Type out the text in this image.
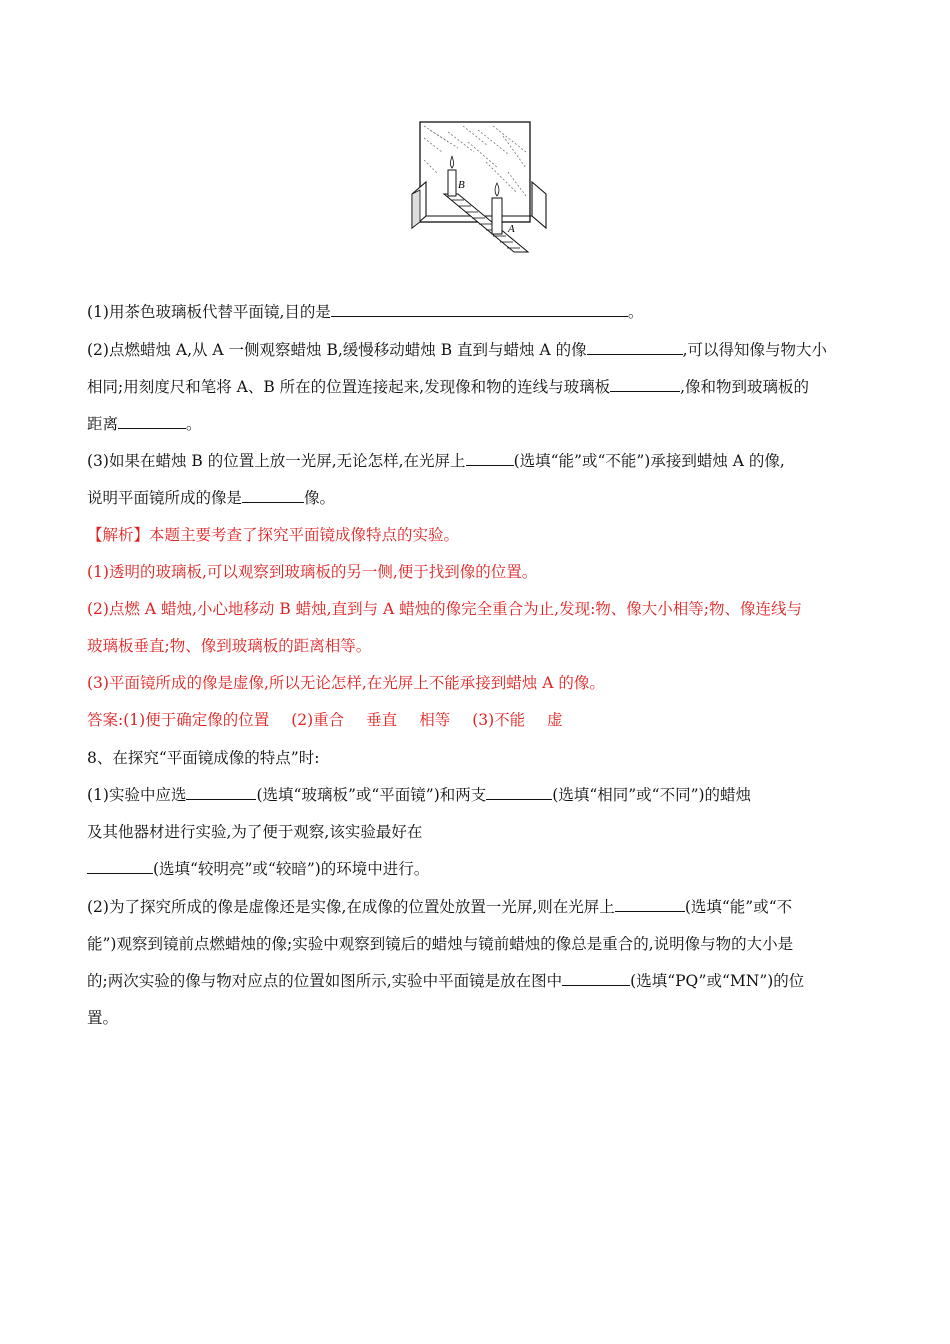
B
A
(1)用茶色玻璃板代替平面镜,目的是	。
(2)点燃蜡烛 A,从 A 一侧观察蜡烛 B,缓慢移动蜡烛 B 直到与蜡烛 A 的像	,可以得知像与物大小
相同;用刻度尺和笔将 A、B 所在的位置连接起来,发现像和物的连线与玻璃板	,像和物到玻璃板的
距离	。
(3)如果在蜡烛 B 的位置上放一光屏,无论怎样,在光屏上	(选填“能”或“不能”)承接到蜡烛 A 的像,
说明平面镜所成的像是	像。
【解析】本题主要考查了探究平面镜成像特点的实验。
(1)透明的玻璃板,可以观察到玻璃板的另一侧,便于找到像的位置。
(2)点燃 A 蜡烛,小心地移动 B 蜡烛,直到与 A 蜡烛的像完全重合为止,发现:物、像大小相等;物、像连线与
玻璃板垂直;物、像到玻璃板的距离相等。
(3)平面镜所成的像是虚像,所以无论怎样,在光屏上不能承接到蜡烛 A 的像。
答案:(1)便于确定像的位置 (2)重合 垂直 相等 (3)不能 虚
8、在探究“平面镜成像的特点”时:
(1)实验中应选	(选填“玻璃板”或“平面镜”)和两支	(选填“相同”或“不同”)的蜡烛
及其他器材进行实验,为了便于观察,该实验最好在
(选填“较明亮”或“较暗”)的环境中进行。
(2)为了探究所成的像是虚像还是实像,在成像的位置处放置一光屏,则在光屏上	(选填“能”或“不
能”)观察到镜前点燃蜡烛的像;实验中观察到镜后的蜡烛与镜前蜡烛的像总是重合的,说明像与物的大小是
的;两次实验的像与物对应点的位置如图所示,实验中平面镜是放在图中	(选填“PQ”或“MN”)的位
置。
